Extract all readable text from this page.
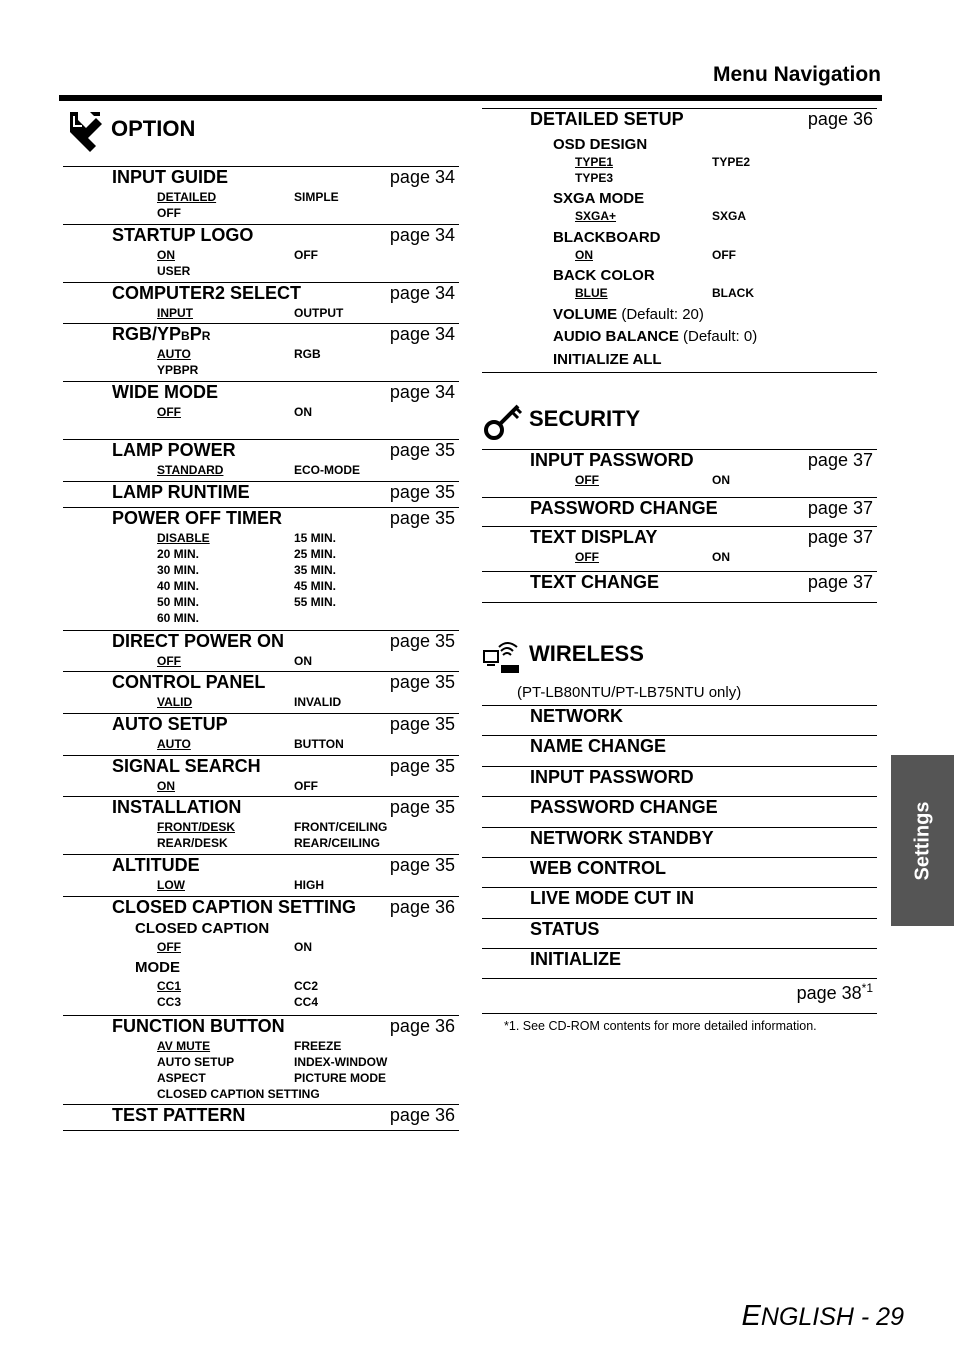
Menu Navigation
OPTION
SECURITY
WIRELESS
(PT-LB80NTU/PT-LB75NTU only)
page 38$^{*1}$
*1. See CD-ROM contents for more detailed information.
Settings
ENGLISH - 29
INPUT GUIDE	page 34
DETAILED	SIMPLE
OFF
STARTUP LOGO	page 34
ON	OFF
USER
COMPUTER2 SELECT	page 34
INPUT	OUTPUT
RGB/YPBPR	page 34
AUTO	RGB
YPBPR
WIDE MODE	page 34
OFF	ON
LAMP POWER	page 35
STANDARD	ECO-MODE
LAMP RUNTIME	page 35
POWER OFF TIMER	page 35
DISABLE	15 MIN.
20 MIN.	25 MIN.
30 MIN.	35 MIN.
40 MIN.	45 MIN.
50 MIN.	55 MIN.
60 MIN.
DIRECT POWER ON	page 35
OFF	ON
CONTROL PANEL	page 35
VALID	INVALID
AUTO SETUP	page 35
AUTO	BUTTON
SIGNAL SEARCH	page 35
ON	OFF
INSTALLATION	page 35
FRONT/DESK	FRONT/CEILING
REAR/DESK	REAR/CEILING
ALTITUDE	page 35
LOW	HIGH
CLOSED CAPTION SETTING page 36
CLOSED CAPTION
OFF	ON
MODE
CC1	CC2
CC3	CC4
FUNCTION BUTTON	page 36
AV MUTE	FREEZE
AUTO SETUP	INDEX-WINDOW
ASPECT	PICTURE MODE
CLOSED CAPTION SETTING
TEST PATTERN	page 36
DETAILED SETUP	page 36
OSD DESIGN
TYPE1	TYPE2
TYPE3
SXGA MODE
SXGA+	SXGA
BLACKBOARD
ON	OFF
BACK COLOR
BLUE	BLACK
VOLUME (Default: 20)
AUDIO BALANCE (Default: 0)
INITIALIZE ALL
INPUT PASSWORD	page 37
OFF	ON
PASSWORD CHANGE	page 37
TEXT DISPLAY	page 37
OFF	ON
TEXT CHANGE	page 37
NETWORK
NAME CHANGE
INPUT PASSWORD
PASSWORD CHANGE
NETWORK STANDBY
WEB CONTROL
LIVE MODE CUT IN
STATUS
INITIALIZE
